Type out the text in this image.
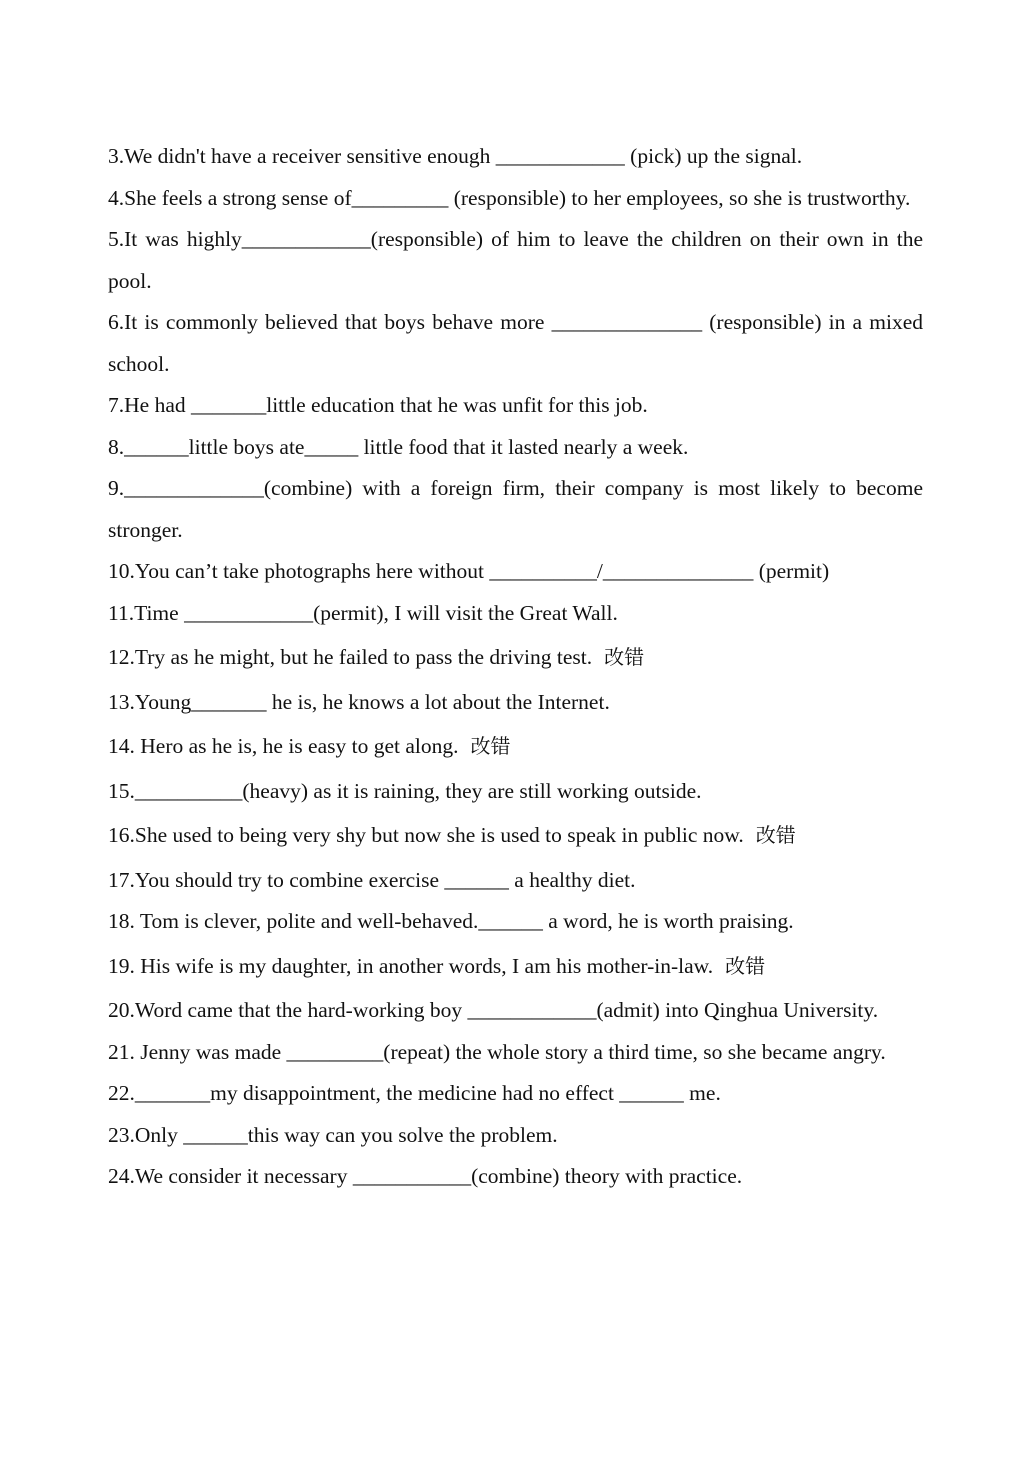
3.We didn't have a receiver sensitive enough ____________ (pick) up the signal.

4.She feels a strong sense of_________ (responsible) to her employees, so she is trustworthy.

5.It was highly____________(responsible) of him to leave the children on their own in the pool.

6.It is commonly believed that boys behave more ______________ (responsible) in a mixed school.

7.He had _______little education that he was unfit for this job.

8.______little boys ate_____ little food that it lasted nearly a week.

9._____________(combine) with a foreign firm, their company is most likely to become stronger.

10.You can’t take photographs here without __________/______________ (permit)

11.Time ____________(permit), I will visit the Great Wall.

12.Try as he might, but he failed to pass the driving test. 改错

13.Young_______ he is, he knows a lot about the Internet.

14. Hero as he is, he is easy to get along. 改错

15.__________(heavy) as it is raining, they are still working outside.

16.She used to being very shy but now she is used to speak in public now. 改错

17.You should try to combine exercise ______ a healthy diet.

18. Tom is clever, polite and well-behaved.______ a word, he is worth praising.

19. His wife is my daughter, in another words, I am his mother-in-law. 改错

20.Word came that the hard-working boy ____________(admit) into Qinghua University.

21. Jenny was made _________(repeat) the whole story a third time, so she became angry.

22._______my disappointment, the medicine had no effect ______ me.

23.Only ______this way can you solve the problem.

24.We consider it necessary ___________(combine) theory with practice.
